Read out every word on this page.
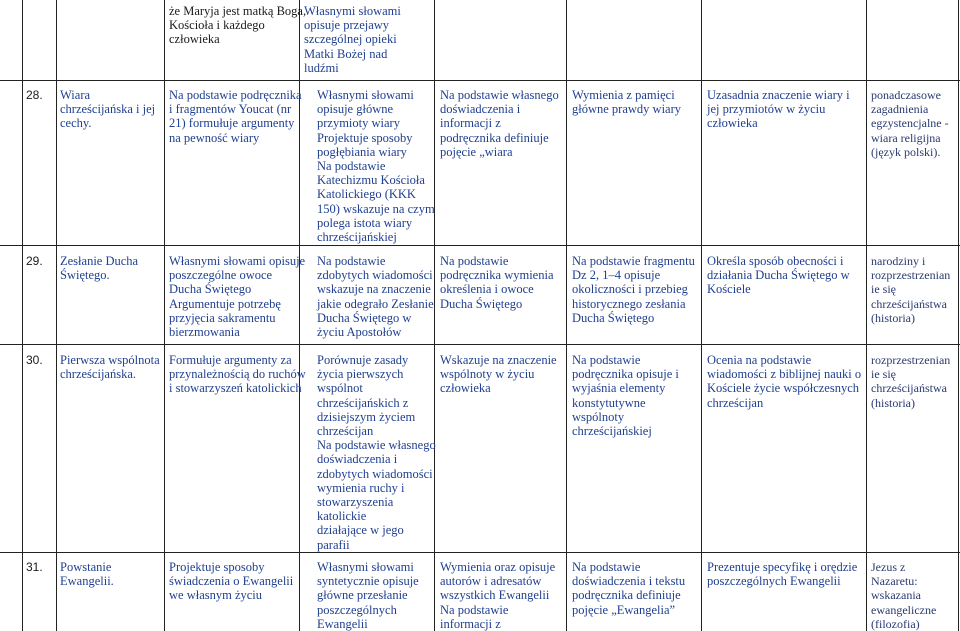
że Maryja jest matką Boga,
Kościoła i każdego
człowieka
Własnymi słowami
opisuje przejawy
szczególnej opieki
Matki Bożej nad
ludźmi
28. Wiara
chrześcijańska i jej
cechy.
Na podstawie podręcznika
i fragmentów Youcat (nr
21) formułuje argumenty
na pewność wiary
Własnymi słowami
opisuje główne
przymioty wiary
Projektuje sposoby
pogłębiania wiary
Na podstawie
Katechizmu Kościoła
Katolickiego (KKK
150) wskazuje na czym
polega istota wiary
chrześcijańskiej
Na podstawie własnego
doświadczenia i
informacji z
podręcznika definiuje
pojęcie „wiara
Wymienia z pamięci
główne prawdy wiary
Uzasadnia znaczenie wiary i
jej przymiotów w życiu
człowieka
ponadczasowe
zagadnienia
egzystencjalne -
wiara religijna
(język polski).
29. Zesłanie Ducha
Świętego.
Własnymi słowami opisuje
poszczególne owoce
Ducha Świętego
Argumentuje potrzebę
przyjęcia sakramentu
bierzmowania
Na podstawie
zdobytych wiadomości
wskazuje na znaczenie
jakie odegrało Zesłanie
Ducha Świętego w
życiu Apostołów
Na podstawie
podręcznika wymienia
określenia i owoce
Ducha Świętego
Na podstawie fragmentu
Dz 2, 1–4 opisuje
okoliczności i przebieg
historycznego zesłania
Ducha Świętego
Określa sposób obecności i
działania Ducha Świętego w
Kościele
narodziny i
rozprzestrzenian
ie się
chrześcijaństwa
(historia)
30. Pierwsza wspólnota
chrześcijańska.
Formułuje argumenty za
przynależnością do ruchów
i stowarzyszeń katolickich
Porównuje zasady
życia pierwszych
wspólnot
chrześcijańskich z
dzisiejszym życiem
chrześcijan
Na podstawie własnego
doświadczenia i
zdobytych wiadomości
wymienia ruchy i
stowarzyszenia
katolickie
działające w jego
parafii
Wskazuje na znaczenie
wspólnoty w życiu
człowieka
Na podstawie
podręcznika opisuje i
wyjaśnia elementy
konstytutywne
wspólnoty
chrześcijańskiej
Ocenia na podstawie
wiadomości z biblijnej nauki o
Kościele życie współczesnych
chrześcijan
rozprzestrzenian
ie się
chrześcijaństwa
(historia)
31. Powstanie
Ewangelii.
Projektuje sposoby
świadczenia o Ewangelii
we własnym życiu
Własnymi słowami
syntetycznie opisuje
główne przesłanie
poszczególnych
Ewangelii
Wymienia oraz opisuje
autorów i adresatów
wszystkich Ewangelii
Na podstawie
informacji z
Na podstawie
doświadczenia i tekstu
podręcznika definiuje
pojęcie „Ewangelia”
Prezentuje specyfikę i orędzie
poszczególnych Ewangelii
Jezus z
Nazaretu:
wskazania
ewangeliczne
(filozofia)
